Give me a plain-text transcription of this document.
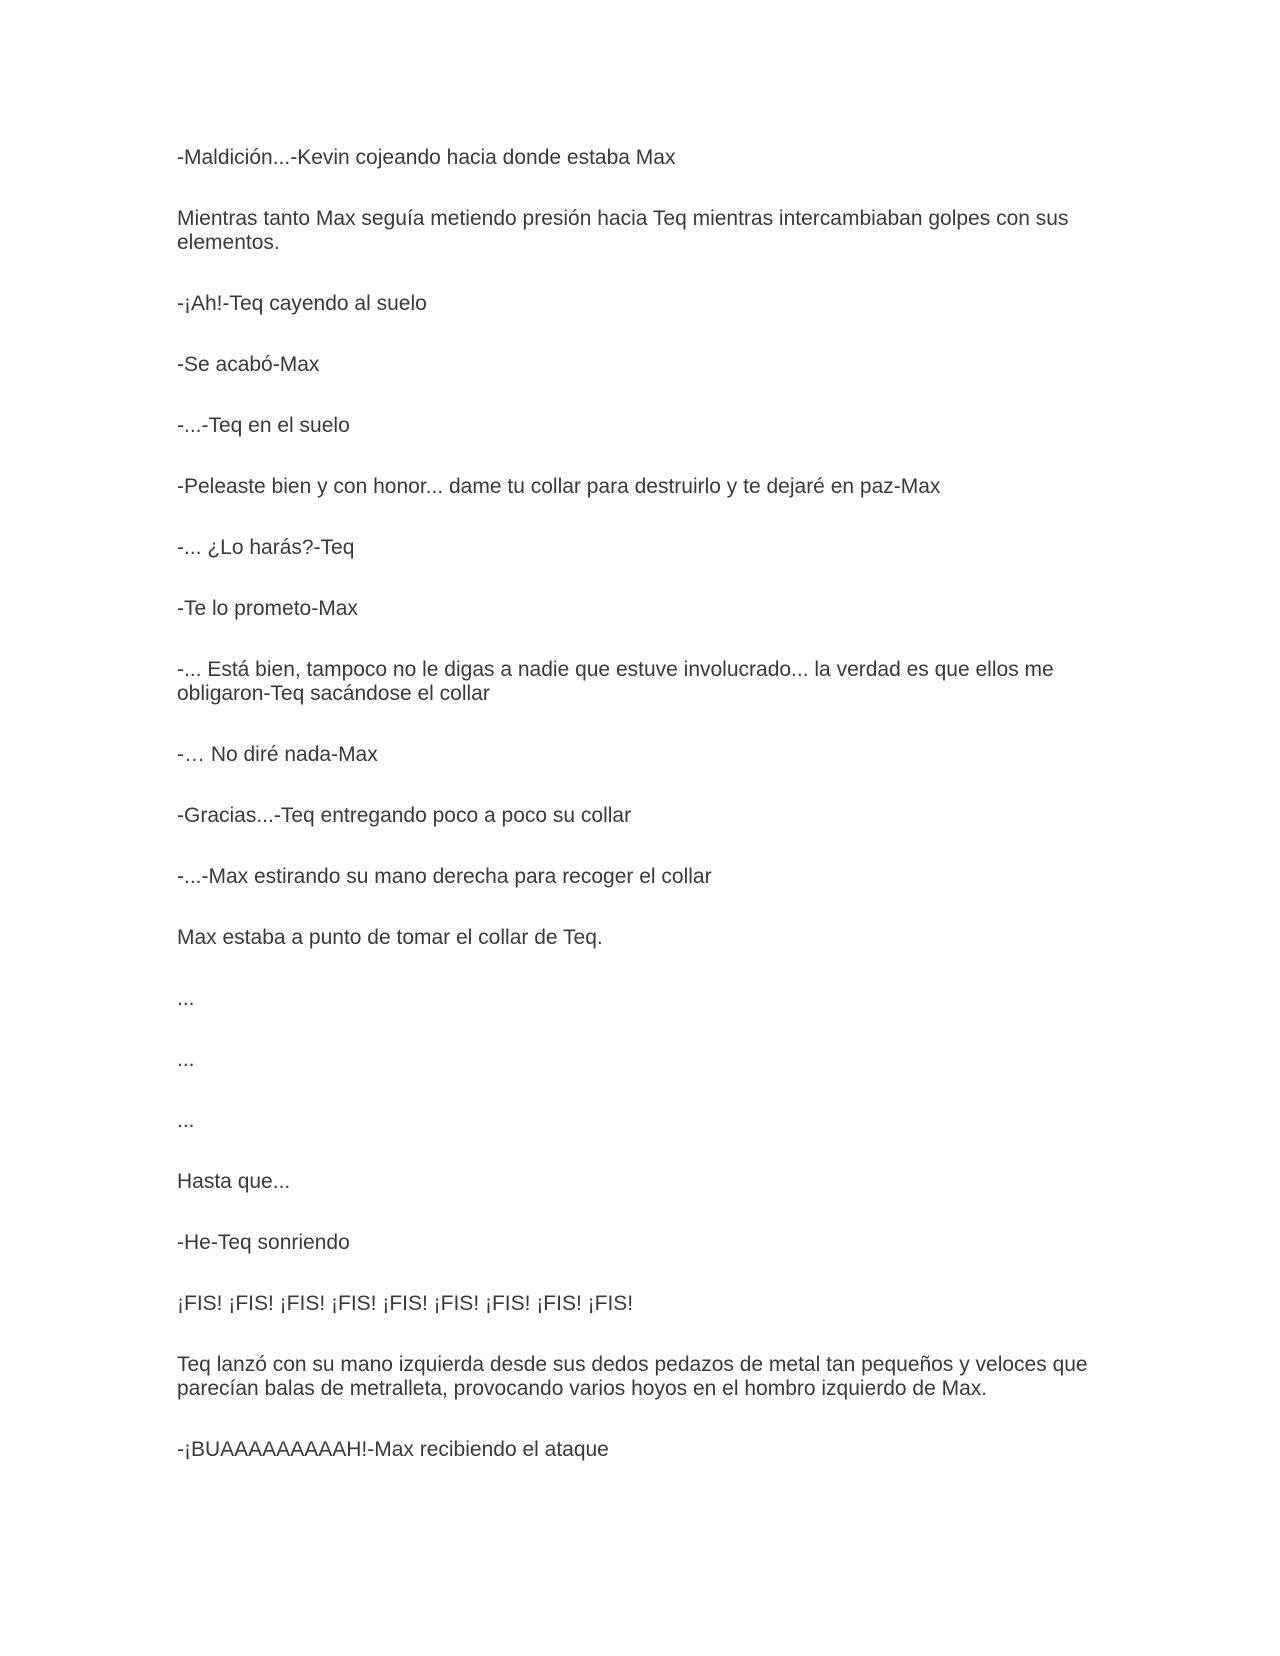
-Maldición...-Kevin cojeando hacia donde estaba Max

Mientras tanto Max seguía metiendo presión hacia Teq mientras intercambiaban golpes con sus elementos.

-¡Ah!-Teq cayendo al suelo

-Se acabó-Max

-...-Teq en el suelo

-Peleaste bien y con honor... dame tu collar para destruirlo y te dejaré en paz-Max

-... ¿Lo harás?-Teq

-Te lo prometo-Max

-... Está bien, tampoco no le digas a nadie que estuve involucrado... la verdad es que ellos me obligaron-Teq sacándose el collar

-… No diré nada-Max

-Gracias...-Teq entregando poco a poco su collar

-...-Max estirando su mano derecha para recoger el collar

Max estaba a punto de tomar el collar de Teq.

...

...

...

Hasta que...

-He-Teq sonriendo

¡FIS! ¡FIS! ¡FIS! ¡FIS! ¡FIS! ¡FIS! ¡FIS! ¡FIS! ¡FIS!

Teq lanzó con su mano izquierda desde sus dedos pedazos de metal tan pequeños y veloces que parecían balas de metralleta, provocando varios hoyos en el hombro izquierdo de Max.

-¡BUAAAAAAAAAH!-Max recibiendo el ataque
